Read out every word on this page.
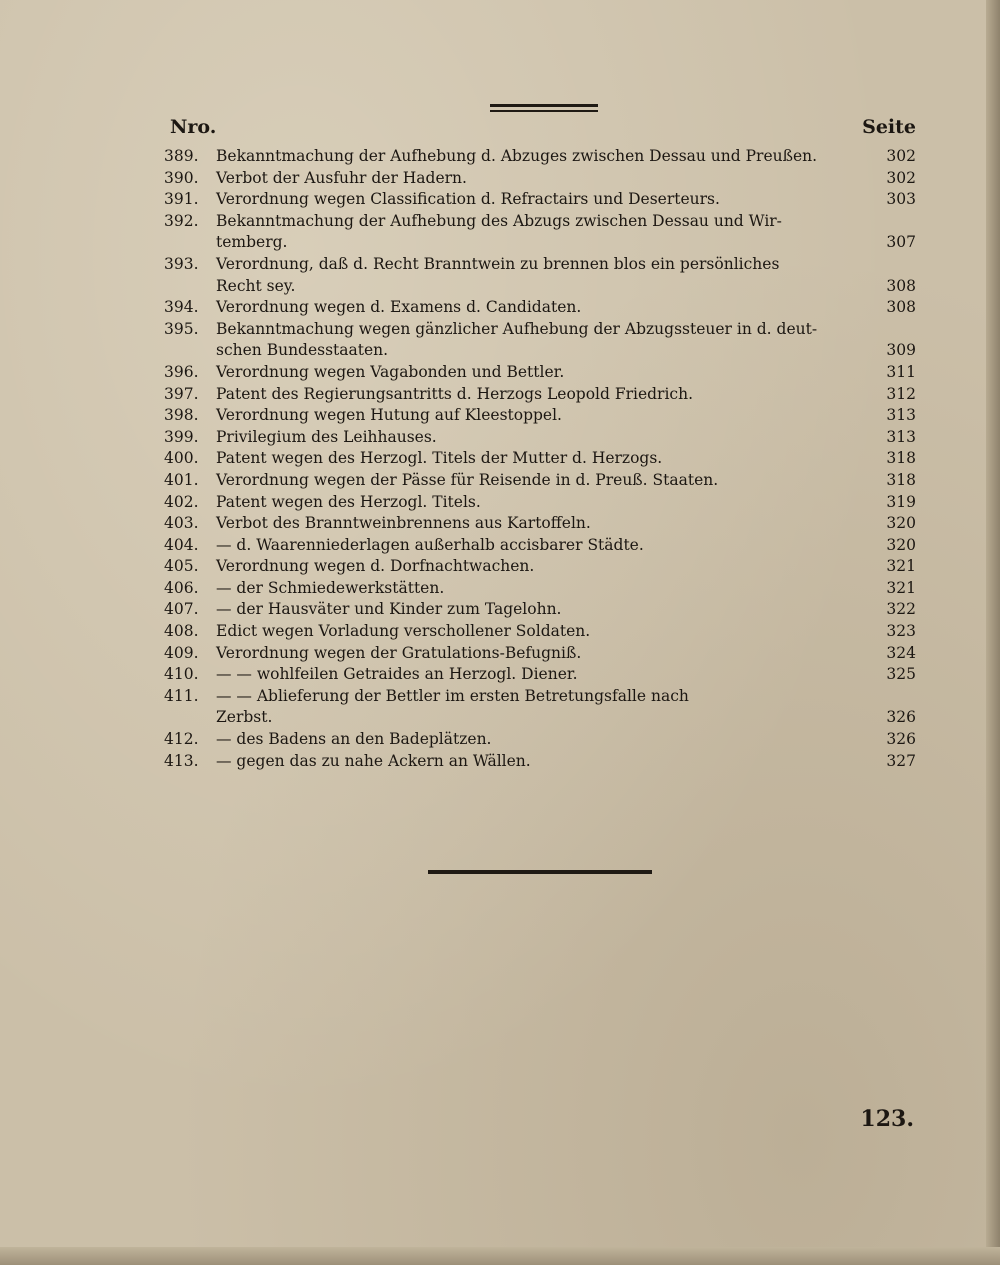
Nro.	Seite
389.	Bekanntmachung der Aufhebung d. Abzuges zwischen Dessau und Preußen.	302
390.	Verbot der Ausfuhr der Hadern.	302
391.	Verordnung wegen Classification d. Refractairs und Deserteurs.	303
392.	Bekanntmachung der Aufhebung des Abzugs zwischen Dessau und Wir-
temberg.	307
393.	Verordnung, daß d. Recht Branntwein zu brennen blos ein persönliches
Recht sey.	308
394.	Verordnung wegen d. Examens d. Candidaten.	308
395.	Bekanntmachung wegen gänzlicher Aufhebung der Abzugssteuer in d. deut-
schen Bundesstaaten.	309
396.	Verordnung wegen Vagabonden und Bettler.	311
397.	Patent des Regierungsantritts d. Herzogs Leopold Friedrich.	312
398.	Verordnung wegen Hutung auf Kleestoppel.	313
399.	Privilegium des Leihhauses.	313
400.	Patent wegen des Herzogl. Titels der Mutter d. Herzogs.	318
401.	Verordnung wegen der Pässe für Reisende in d. Preuß. Staaten.	318
402.	Patent wegen des Herzogl. Titels.	319
403.	Verbot des Branntweinbrennens aus Kartoffeln.	320
404.	— d. Waarenniederlagen außerhalb accisbarer Städte.	320
405.	Verordnung wegen d. Dorfnachtwachen.	321
406.	— der Schmiedewerkstätten.	321
407.	— der Hausväter und Kinder zum Tagelohn.	322
408.	Edict wegen Vorladung verschollener Soldaten.	323
409.	Verordnung wegen der Gratulations-Befugniß.	324
410.	— — wohlfeilen Getraides an Herzogl. Diener.	325
411.	— — Ablieferung der Bettler im ersten Betretungsfalle nach
Zerbst.	326
412.	— des Badens an den Badeplätzen.	326
413.	— gegen das zu nahe Ackern an Wällen.	327
123.
